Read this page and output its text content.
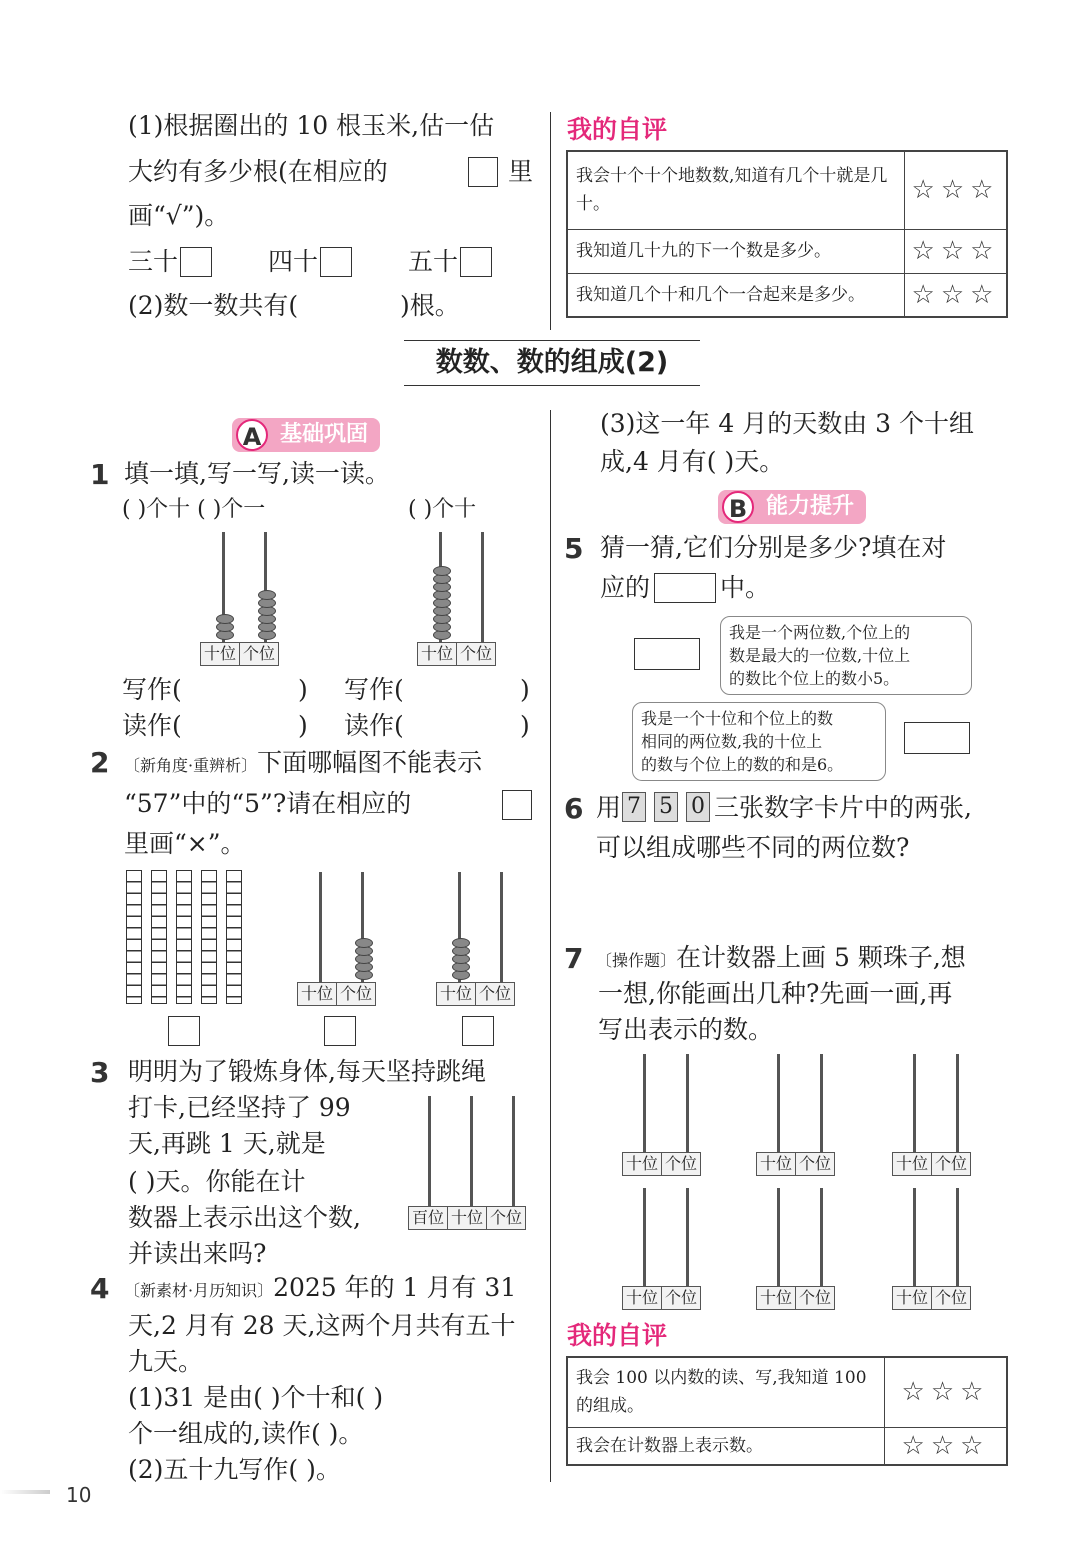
(1)根据圈出的 10 根玉米,估一估
大约有多少根(在相应的	里
画“√”)。
三十	四十	五十
(2)数一数共有(	)根。
我的自评
我会十个十个地数数,知道有几个十就是几十。	☆☆☆
我知道几十九的下一个数是多少。	☆☆☆
我知道几个十和几个一合起来是多少。	☆☆☆
数数、数的组成(2)
A 基础巩固
1 填一填,写一写,读一读。
( )个十 ( )个一	( )个十
十位 个位	十位 个位
写作(	) 写作(	)
读作(	) 读作(	)
2 〔新角度·重辨析〕下面哪幅图不能表示
“57”中的“5”?请在相应的
里画“×”。
十位 个位	十位 个位
3 明明为了锻炼身体,每天坚持跳绳
打卡,已经坚持了 99
天,再跳 1 天,就是
( )天。你能在计
数器上表示出这个数,
并读出来吗?
百位 十位 个位
4 〔新素材·月历知识〕2025 年的 1 月有 31
天,2 月有 28 天,这两个月共有五十
九天。
(1)31 是由( )个十和( )
个一组成的,读作( )。
(2)五十九写作( )。
10
(3)这一年 4 月的天数由 3 个十组
成,4 月有( )天。
B 能力提升
5 猜一猜,它们分别是多少?填在对
应的	中。
我是一个两位数,个位上的
数是最大的一位数,十位上
的数比个位上的数小5。
我是一个十位和个位上的数
相同的两位数,我的十位上
的数与个位上的数的和是6。
6 用 7 5 0 三张数字卡片中的两张,
可以组成哪些不同的两位数?
7 〔操作题〕在计数器上画 5 颗珠子,想
一想,你能画出几种?先画一画,再
写出表示的数。
十位 个位	十位 个位	十位 个位
十位 个位	十位 个位	十位 个位
我的自评
我会 100 以内数的读、写,我知道 100 的组成。	☆☆☆
我会在计数器上表示数。	☆☆☆
